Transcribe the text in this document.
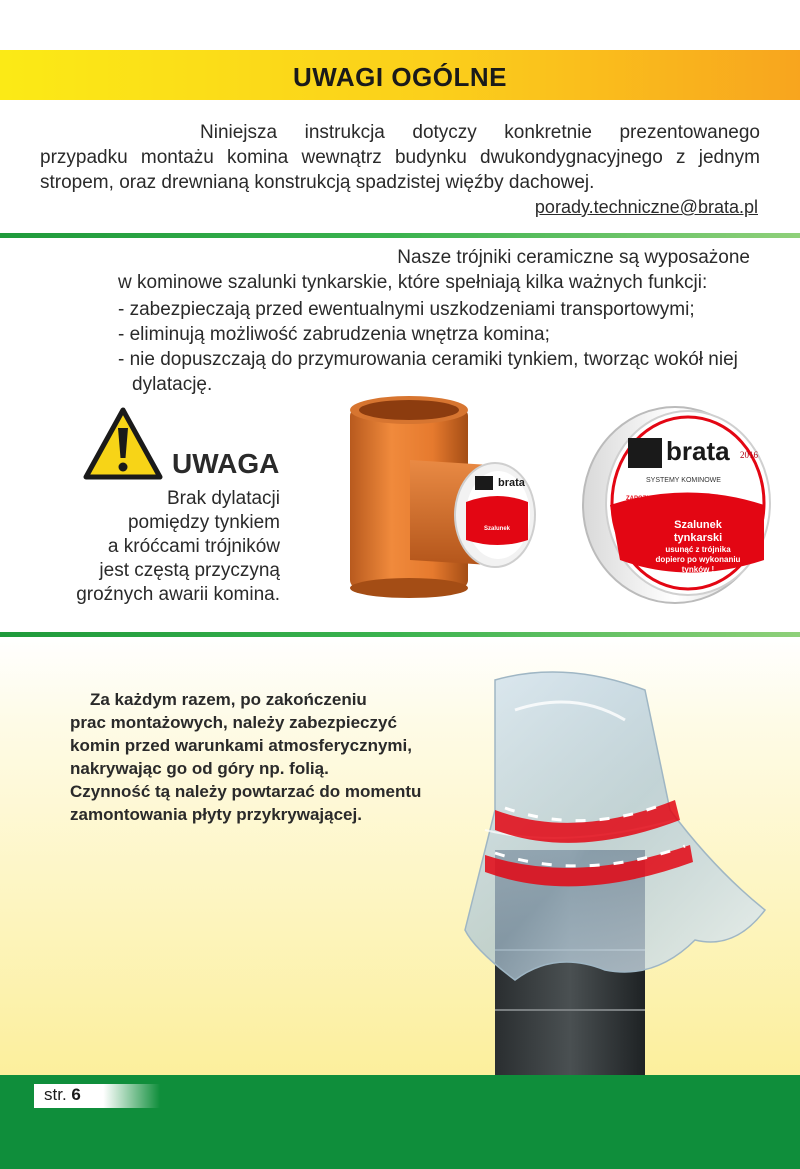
UWAGI OGÓLNE
Niniejsza instrukcja dotyczy konkretnie prezentowanego przypadku montażu komina wewnątrz budynku dwukondygnacyjnego z jednym stropem, oraz drewnianą konstrukcją spadzistej więźby dachowej.
porady.techniczne@brata.pl
Nasze trójniki ceramiczne są wyposażone
w kominowe szalunki tynkarskie, które spełniają kilka ważnych funkcji:
- zabezpieczają przed ewentualnymi uszkodzeniami transportowymi;
- eliminują możliwość zabrudzenia wnętrza komina;
- nie dopuszczają do przymurowania ceramiki tynkiem, tworząc wokół niej dylatację.
UWAGA
Brak dylatacji
pomiędzy tynkiem
a króćcami trójników
jest częstą przyczyną
groźnych awarii komina.
brata
Szalunek
brata
SYSTEMY KOMINOWE
2016
ZAPOZNAJ SIĘ Z INSTRUKCJĄ !
Szalunek
tynkarski
usunąć z trójnika
dopiero po wykonaniu
tynków !
Za każdym razem, po zakończeniu
prac montażowych, należy zabezpieczyć
komin przed warunkami atmosferycznymi,
nakrywając go od góry np. folią.
Czynność tą należy powtarzać do momentu
zamontowania płyty przykrywającej.
str. 6
